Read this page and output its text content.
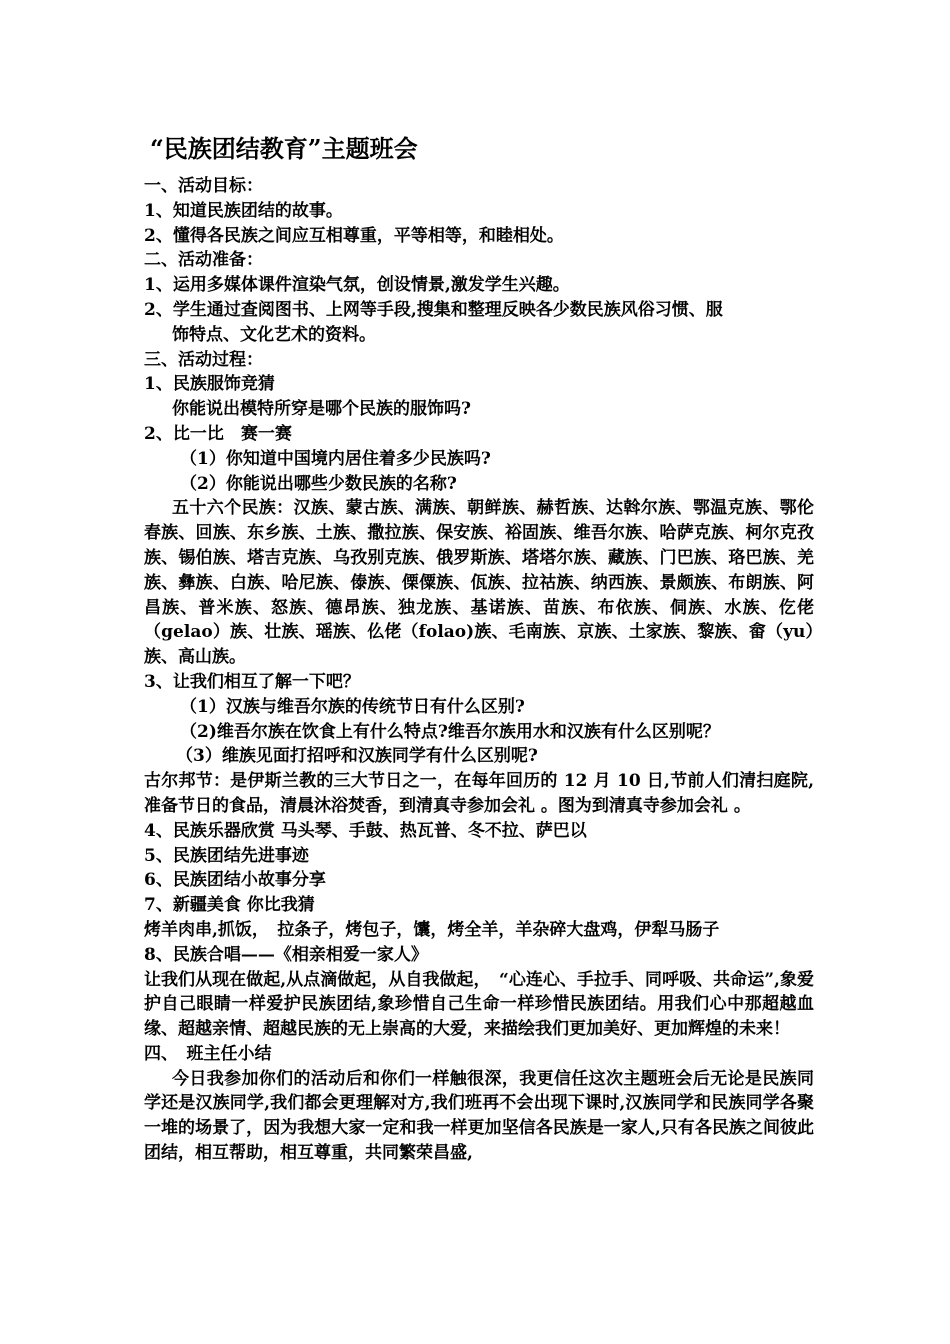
“民族团结教育”主题班会
一、活动目标：
1、知道民族团结的故事。
2、懂得各民族之间应互相尊重，平等相等，和睦相处。
二、活动准备：
1、运用多媒体课件渲染气氛，创设情景,激发学生兴趣。
2、学生通过查阅图书、上网等手段,搜集和整理反映各少数民族风俗习惯、服
饰特点、文化艺术的资料。
三、活动过程：
1、民族服饰竞猜
你能说出模特所穿是哪个民族的服饰吗?
2、比一比　赛一赛
（1）你知道中国境内居住着多少民族吗?
（2）你能说出哪些少数民族的名称?
五十六个民族：汉族、蒙古族、满族、朝鲜族、赫哲族、达斡尔族、鄂温克族、鄂伦春族、回族、东乡族、土族、撒拉族、保安族、裕固族、维吾尔族、哈萨克族、柯尔克孜族、锡伯族、塔吉克族、乌孜别克族、俄罗斯族、塔塔尔族、藏族、门巴族、珞巴族、羌族、彝族、白族、哈尼族、傣族、傈僳族、佤族、拉祜族、纳西族、景颇族、布朗族、阿昌族、普米族、怒族、德昂族、独龙族、基诺族、苗族、布依族、侗族、水族、仡佬（gelao）族、壮族、瑶族、仫佬（folao)族、毛南族、京族、土家族、黎族、畲（yu）族、高山族。
3、让我们相互了解一下吧？
（1）汉族与维吾尔族的传统节日有什么区别?
（2)维吾尔族在饮食上有什么特点?维吾尔族用水和汉族有什么区别呢？
（3）维族见面打招呼和汉族同学有什么区别呢?
古尔邦节：是伊斯兰教的三大节日之一，在每年回历的 12 月 10 日,节前人们清扫庭院,准备节日的食品，清晨沐浴焚香，到清真寺参加会礼 。图为到清真寺参加会礼 。
4、民族乐器欣赏 马头琴、手鼓、热瓦普、冬不拉、萨巴以
5、民族团结先进事迹
6、民族团结小故事分享
7、新疆美食 你比我猜
烤羊肉串,抓饭，　拉条子，烤包子，馕，烤全羊，羊杂碎大盘鸡，伊犁马肠子
8、民族合唱——《相亲相爱一家人》
让我们从现在做起,从点滴做起，从自我做起，　“心连心、手拉手、同呼吸、共命运”,象爱护自己眼睛一样爱护民族团结,象珍惜自己生命一样珍惜民族团结。用我们心中那超越血缘、超越亲情、超越民族的无上崇高的大爱，来描绘我们更加美好、更加辉煌的未来！
四、　班主任小结
今日我参加你们的活动后和你们一样触很深，我更信任这次主题班会后无论是民族同学还是汉族同学,我们都会更理解对方,我们班再不会出现下课时,汉族同学和民族同学各聚一堆的场景了，因为我想大家一定和我一样更加坚信各民族是一家人,只有各民族之间彼此团结，相互帮助，相互尊重，共同繁荣昌盛,
